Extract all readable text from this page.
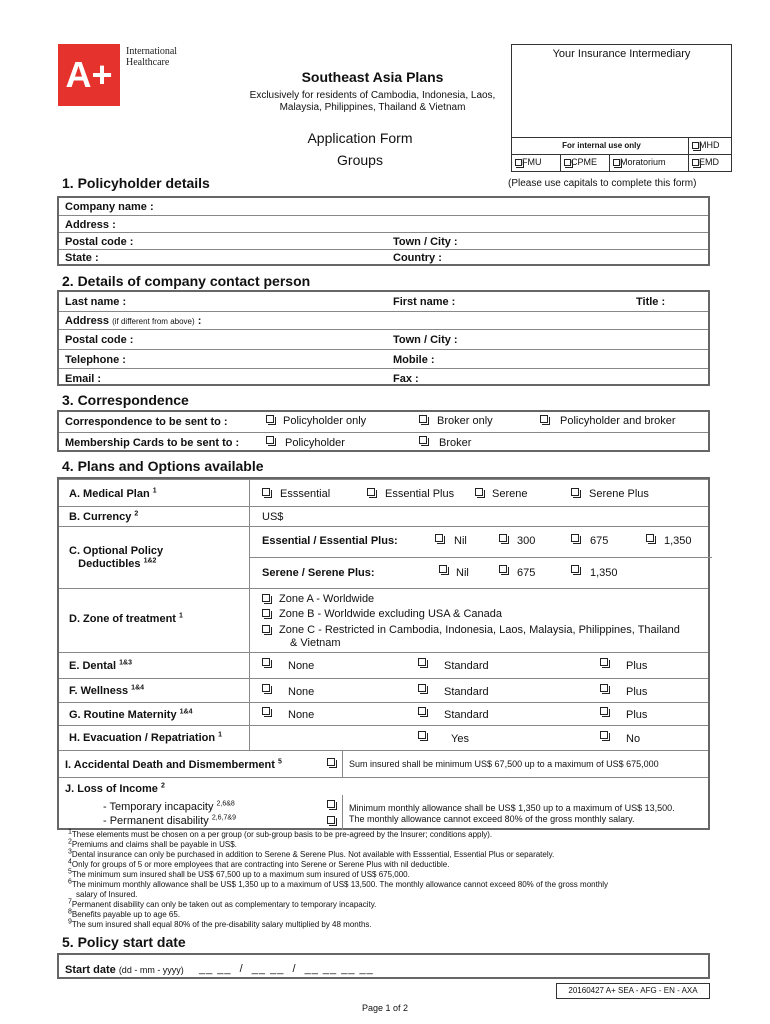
A+
International
Healthcare
Southeast Asia Plans
Exclusively for residents of Cambodia, Indonesia, Laos,
Malaysia, Philippines, Thailand & Vietnam
Application Form
Groups
Your Insurance Intermediary
For internal use only	MHD
FMU	CPME	Moratorium	EMD
(Please use capitals to complete this form)
1. Policyholder details
Company name :
Address :
Postal code :	Town / City :
State :	Country :
2. Details of company contact person
Last name :	First name :	Title :
Address (if different from above) :
Postal code :	Town / City :
Telephone :	Mobile :
Email :	Fax :
3. Correspondence
Correspondence to be sent to :	Policyholder only	Broker only	Policyholder and broker
Membership Cards to be sent to :	Policyholder	Broker
4. Plans and Options available
A. Medical Plan $^1$	Esssential	Essential Plus	Serene	Serene Plus
B. Currency $^2$	US$
C. Optional Policy
Deductibles $^{1\&2}$
Essential / Essential Plus:	Nil	300	675	1,350
Serene / Serene Plus:	Nil	675	1,350
D. Zone of treatment $^1$
Zone A - Worldwide
Zone B - Worldwide excluding USA & Canada
Zone C - Restricted in Cambodia, Indonesia, Laos, Malaysia, Philippines, Thailand
& Vietnam
E. Dental $^{1\&3}$	None	Standard	Plus
F. Wellness $^{1\&4}$	None	Standard	Plus
G. Routine Maternity $^{1\&4}$	None	Standard	Plus
H. Evacuation / Repatriation $^1$	Yes	No
I. Accidental Death and Dismemberment $^5$	Sum insured shall be minimum US$ 67,500 up to a maximum of US$ 675,000
J. Loss of Income $^2$
- Temporary incapacity $^{2,6\&8}$
- Permanent disability $^{2,6,7\&9}$
Minimum monthly allowance shall be US$ 1,350 up to a maximum of US$ 13,500.
The monthly allowance cannot exceed 80% of the gross monthly salary.
$^1$These elements must be chosen on a per group (or sub-group basis to be pre-agreed by the Insurer; conditions apply).
$^2$Premiums and claims shall be payable in US$.
$^3$Dental insurance can only be purchased in addition to Serene & Serene Plus. Not available with Esssential, Essential Plus or separately.
$^4$Only for groups of 5 or more employees that are contracting into Serene or Serene Plus with nil deductible.
$^5$The minimum sum insured shall be US$ 67,500 up to a maximum sum insured of US$ 675,000.
$^6$The minimum monthly allowance shall be US$ 1,350 up to a maximum of US$ 13,500. The monthly allowance cannot exceed 80% of the gross monthly
salary of Insured.
$^7$Permanent disability can only be taken out as complementary to temporary incapacity.
$^8$Benefits payable up to age 65.
$^9$The sum insured shall equal 80% of the pre-disability salary multiplied by 48 months.
5. Policy start date
Start date (dd - mm - yyyy) __ __  /  __ __  /  __ __ __ __
20160427 A+ SEA - AFG - EN - AXA
Page 1 of 2
